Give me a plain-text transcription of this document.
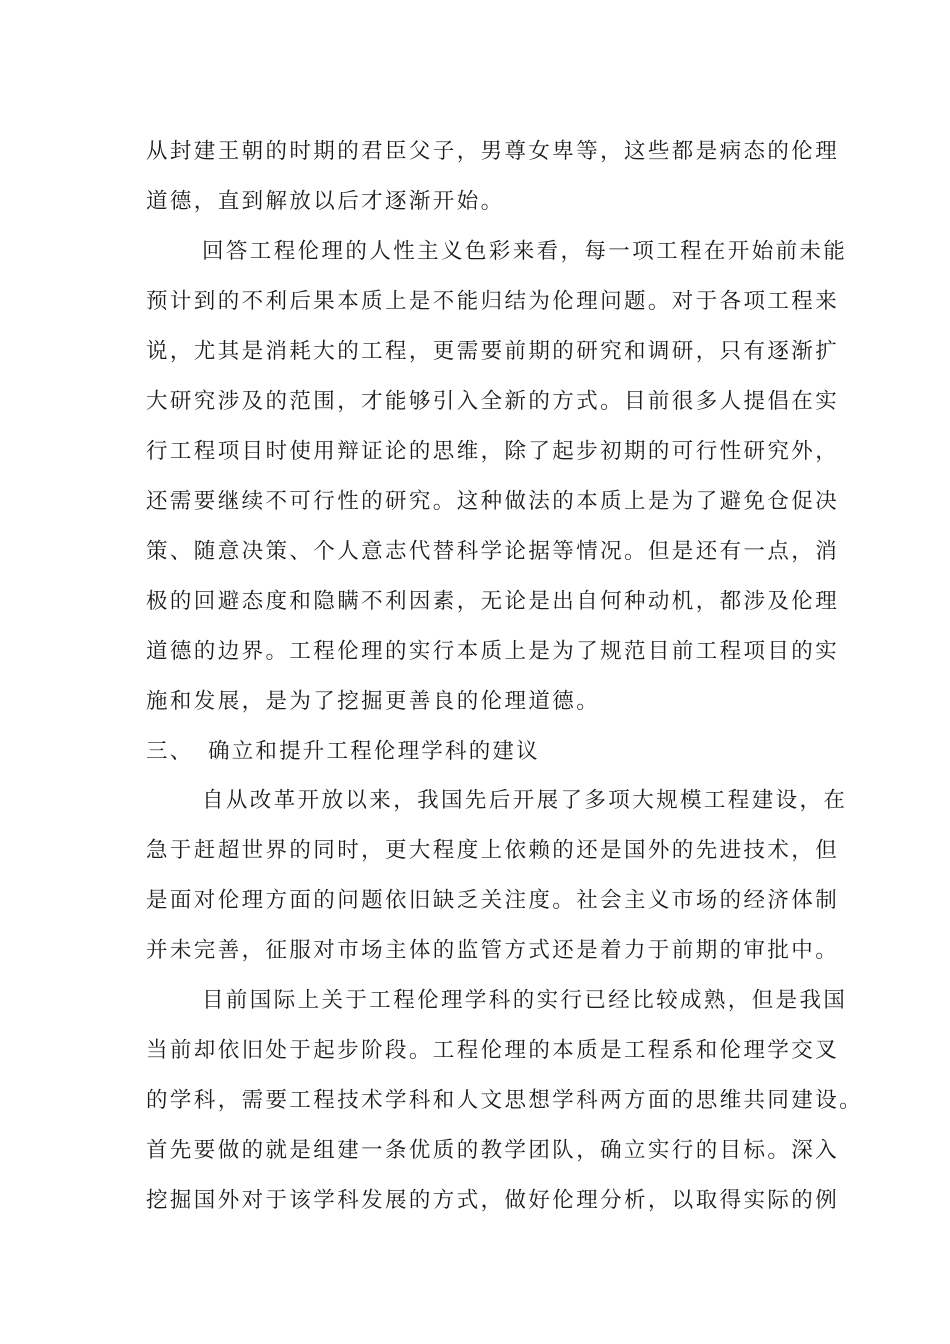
从封建王朝的时期的君臣父子，男尊女卑等，这些都是病态的伦理
道德，直到解放以后才逐渐开始。
回答工程伦理的人性主义色彩来看，每一项工程在开始前未能
预计到的不利后果本质上是不能归结为伦理问题。对于各项工程来
说，尤其是消耗大的工程，更需要前期的研究和调研，只有逐渐扩
大研究涉及的范围，才能够引入全新的方式。目前很多人提倡在实
行工程项目时使用辩证论的思维，除了起步初期的可行性研究外，
还需要继续不可行性的研究。这种做法的本质上是为了避免仓促决
策、随意决策、个人意志代替科学论据等情况。但是还有一点，消
极的回避态度和隐瞒不利因素，无论是出自何种动机，都涉及伦理
道德的边界。工程伦理的实行本质上是为了规范目前工程项目的实
施和发展，是为了挖掘更善良的伦理道德。
三、 确立和提升工程伦理学科的建议
自从改革开放以来，我国先后开展了多项大规模工程建设，在
急于赶超世界的同时，更大程度上依赖的还是国外的先进技术，但
是面对伦理方面的问题依旧缺乏关注度。社会主义市场的经济体制
并未完善，征服对市场主体的监管方式还是着力于前期的审批中。
目前国际上关于工程伦理学科的实行已经比较成熟，但是我国
当前却依旧处于起步阶段。工程伦理的本质是工程系和伦理学交叉
的学科，需要工程技术学科和人文思想学科两方面的思维共同建设。
首先要做的就是组建一条优质的教学团队，确立实行的目标。深入
挖掘国外对于该学科发展的方式，做好伦理分析，以取得实际的例
